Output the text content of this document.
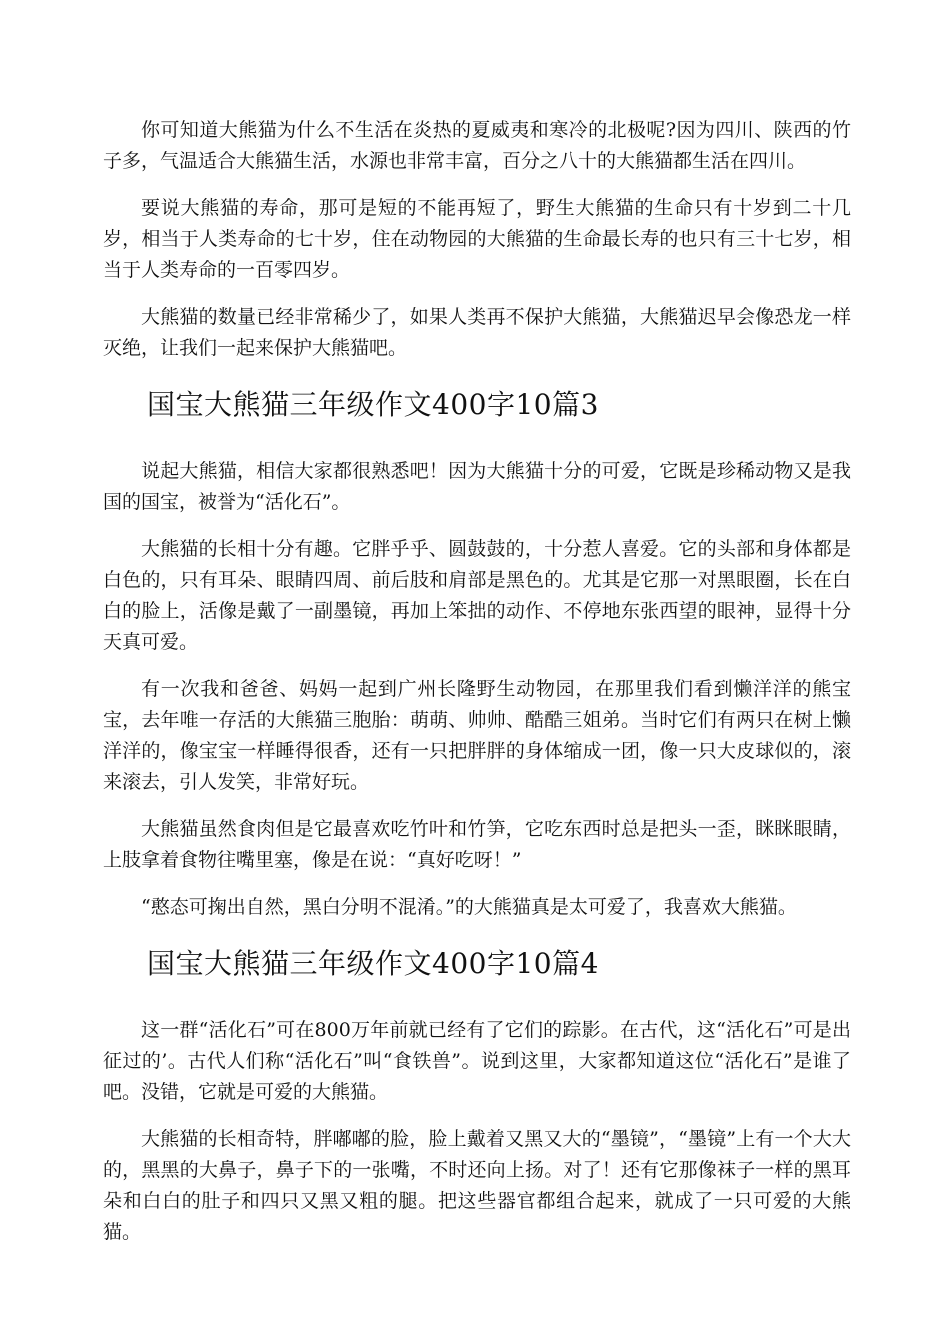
你可知道大熊猫为什么不生活在炎热的夏威夷和寒冷的北极呢?因为四川、陕西的竹子多，气温适合大熊猫生活，水源也非常丰富，百分之八十的大熊猫都生活在四川。

要说大熊猫的寿命，那可是短的不能再短了，野生大熊猫的生命只有十岁到二十几岁，相当于人类寿命的七十岁，住在动物园的大熊猫的生命最长寿的也只有三十七岁，相当于人类寿命的一百零四岁。

大熊猫的数量已经非常稀少了，如果人类再不保护大熊猫，大熊猫迟早会像恐龙一样灭绝，让我们一起来保护大熊猫吧。

国宝大熊猫三年级作文400字10篇3

说起大熊猫，相信大家都很熟悉吧！因为大熊猫十分的可爱，它既是珍稀动物又是我国的国宝，被誉为“活化石”。

大熊猫的长相十分有趣。它胖乎乎、圆鼓鼓的，十分惹人喜爱。它的头部和身体都是白色的，只有耳朵、眼睛四周、前后肢和肩部是黑色的。尤其是它那一对黑眼圈，长在白白的脸上，活像是戴了一副墨镜，再加上笨拙的动作、不停地东张西望的眼神，显得十分天真可爱。

有一次我和爸爸、妈妈一起到广州长隆野生动物园，在那里我们看到懒洋洋的熊宝宝，去年唯一存活的大熊猫三胞胎：萌萌、帅帅、酷酷三姐弟。当时它们有两只在树上懒洋洋的，像宝宝一样睡得很香，还有一只把胖胖的身体缩成一团，像一只大皮球似的，滚来滚去，引人发笑，非常好玩。

大熊猫虽然食肉但是它最喜欢吃竹叶和竹笋，它吃东西时总是把头一歪，眯眯眼睛，上肢拿着食物往嘴里塞，像是在说：“真好吃呀！”

“憨态可掬出自然，黑白分明不混淆。”的大熊猫真是太可爱了，我喜欢大熊猫。

国宝大熊猫三年级作文400字10篇4

这一群“活化石”可在800万年前就已经有了它们的踪影。在古代，这“活化石”可是出征过的’。古代人们称“活化石”叫“食铁兽”。说到这里，大家都知道这位“活化石”是谁了吧。没错，它就是可爱的大熊猫。

大熊猫的长相奇特，胖嘟嘟的脸，脸上戴着又黑又大的“墨镜”，“墨镜”上有一个大大的，黑黑的大鼻子，鼻子下的一张嘴，不时还向上扬。对了！还有它那像袜子一样的黑耳朵和白白的肚子和四只又黑又粗的腿。把这些器官都组合起来，就成了一只可爱的大熊猫。
